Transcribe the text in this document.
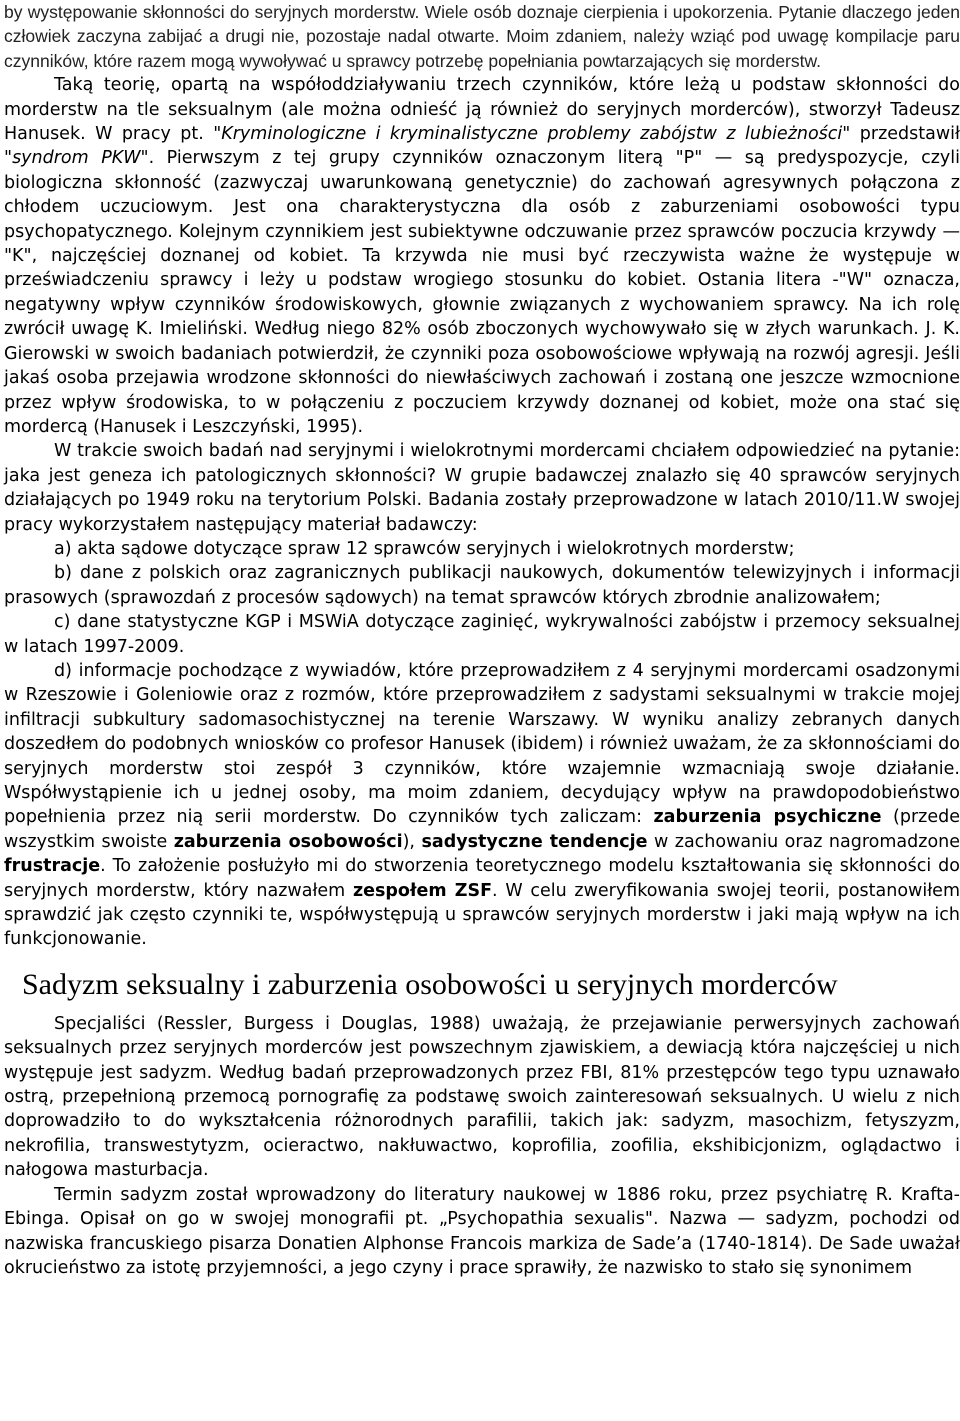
by występowanie skłonności do seryjnych morderstw. Wiele osób doznaje cierpienia i upokorzenia. Pytanie dlaczego jeden człowiek zaczyna zabijać a drugi nie, pozostaje nadal otwarte. Moim zdaniem, należy wziąć pod uwagę kompilacje paru czynników, które razem mogą wywoływać u sprawcy potrzebę popełniania powtarzających się morderstw.

Taką teorię, opartą na współoddziaływaniu trzech czynników, które leżą u podstaw skłonności do morderstw na tle seksualnym (ale można odnieść ją również do seryjnych morderców), stworzył Tadeusz Hanusek. W pracy pt. "Kryminologiczne i kryminalistyczne problemy zabójstw z lubieżności" przedstawił "syndrom PKW". Pierwszym z tej grupy czynników oznaczonym literą "P" — są predyspozycje, czyli biologiczna skłonność (zazwyczaj uwarunkowaną genetycznie) do zachowań agresywnych połączona z chłodem uczuciowym. Jest ona charakterystyczna dla osób z zaburzeniami osobowości typu psychopatycznego. Kolejnym czynnikiem jest subiektywne odczuwanie przez sprawców poczucia krzywdy — "K", najczęściej doznanej od kobiet. Ta krzywda nie musi być rzeczywista ważne że występuje w przeświadczeniu sprawcy i leży u podstaw wrogiego stosunku do kobiet. Ostania litera -"W" oznacza, negatywny wpływ czynników środowiskowych, głownie związanych z wychowaniem sprawcy. Na ich rolę zwrócił uwagę K. Imieliński. Według niego 82% osób zboczonych wychowywało się w złych warunkach. J. K. Gierowski w swoich badaniach potwierdził, że czynniki poza osobowościowe wpływają na rozwój agresji. Jeśli jakaś osoba przejawia wrodzone skłonności do niewłaściwych zachowań i zostaną one jeszcze wzmocnione przez wpływ środowiska, to w połączeniu z poczuciem krzywdy doznanej od kobiet, może ona stać się mordercą (Hanusek i Leszczyński, 1995).

W trakcie swoich badań nad seryjnymi i wielokrotnymi mordercami chciałem odpowiedzieć na pytanie: jaka jest geneza ich patologicznych skłonności? W grupie badawczej znalazło się 40 sprawców seryjnych działających po 1949 roku na terytorium Polski. Badania zostały przeprowadzone w latach 2010/11.W swojej pracy wykorzystałem następujący materiał badawczy:

a) akta sądowe dotyczące spraw 12 sprawców seryjnych i wielokrotnych morderstw;

b) dane z polskich oraz zagranicznych publikacji naukowych, dokumentów telewizyjnych i informacji prasowych (sprawozdań z procesów sądowych) na temat sprawców których zbrodnie analizowałem;

c) dane statystyczne KGP i MSWiA dotyczące zaginięć, wykrywalności zabójstw i przemocy seksualnej w latach 1997-2009.

d) informacje pochodzące z wywiadów, które przeprowadziłem z 4 seryjnymi mordercami osadzonymi w Rzeszowie i Goleniowie oraz z rozmów, które przeprowadziłem z sadystami seksualnymi w trakcie mojej infiltracji subkultury sadomasochistycznej na terenie Warszawy. W wyniku analizy zebranych danych doszedłem do podobnych wniosków co profesor Hanusek (ibidem) i również uważam, że za skłonnościami do seryjnych morderstw stoi zespół 3 czynników, które wzajemnie wzmacniają swoje działanie. Współwystąpienie ich u jednej osoby, ma moim zdaniem, decydujący wpływ na prawdopodobieństwo popełnienia przez nią serii morderstw. Do czynników tych zaliczam: zaburzenia psychiczne (przede wszystkim swoiste zaburzenia osobowości), sadystyczne tendencje w zachowaniu oraz nagromadzone frustracje. To założenie posłużyło mi do stworzenia teoretycznego modelu kształtowania się skłonności do seryjnych morderstw, który nazwałem zespołem ZSF. W celu zweryfikowania swojej teorii, postanowiłem sprawdzić jak często czynniki te, współwystępują u sprawców seryjnych morderstw i jaki mają wpływ na ich funkcjonowanie.

Sadyzm seksualny i zaburzenia osobowości u seryjnych morderców

Specjaliści (Ressler, Burgess i Douglas, 1988) uważają, że przejawianie perwersyjnych zachowań seksualnych przez seryjnych morderców jest powszechnym zjawiskiem, a dewiacją która najczęściej u nich występuje jest sadyzm. Według badań przeprowadzonych przez FBI, 81% przestępców tego typu uznawało ostrą, przepełnioną przemocą pornografię za podstawę swoich zainteresowań seksualnych. U wielu z nich doprowadziło to do wykształcenia różnorodnych parafilii, takich jak: sadyzm, masochizm, fetyszyzm, nekrofilia, transwestytyzm, ocieractwo, nakłuwactwo, koprofilia, zoofilia, ekshibicjonizm, oglądactwo i nałogowa masturbacja.

Termin sadyzm został wprowadzony do literatury naukowej w 1886 roku, przez psychiatrę R. Krafta-Ebinga. Opisał on go w swojej monografii pt. „Psychopathia sexualis". Nazwa — sadyzm, pochodzi od nazwiska francuskiego pisarza Donatien Alphonse Francois markiza de Sade’a (1740-1814). De Sade uważał okrucieństwo za istotę przyjemności, a jego czyny i prace sprawiły, że nazwisko to stało się synonimem
